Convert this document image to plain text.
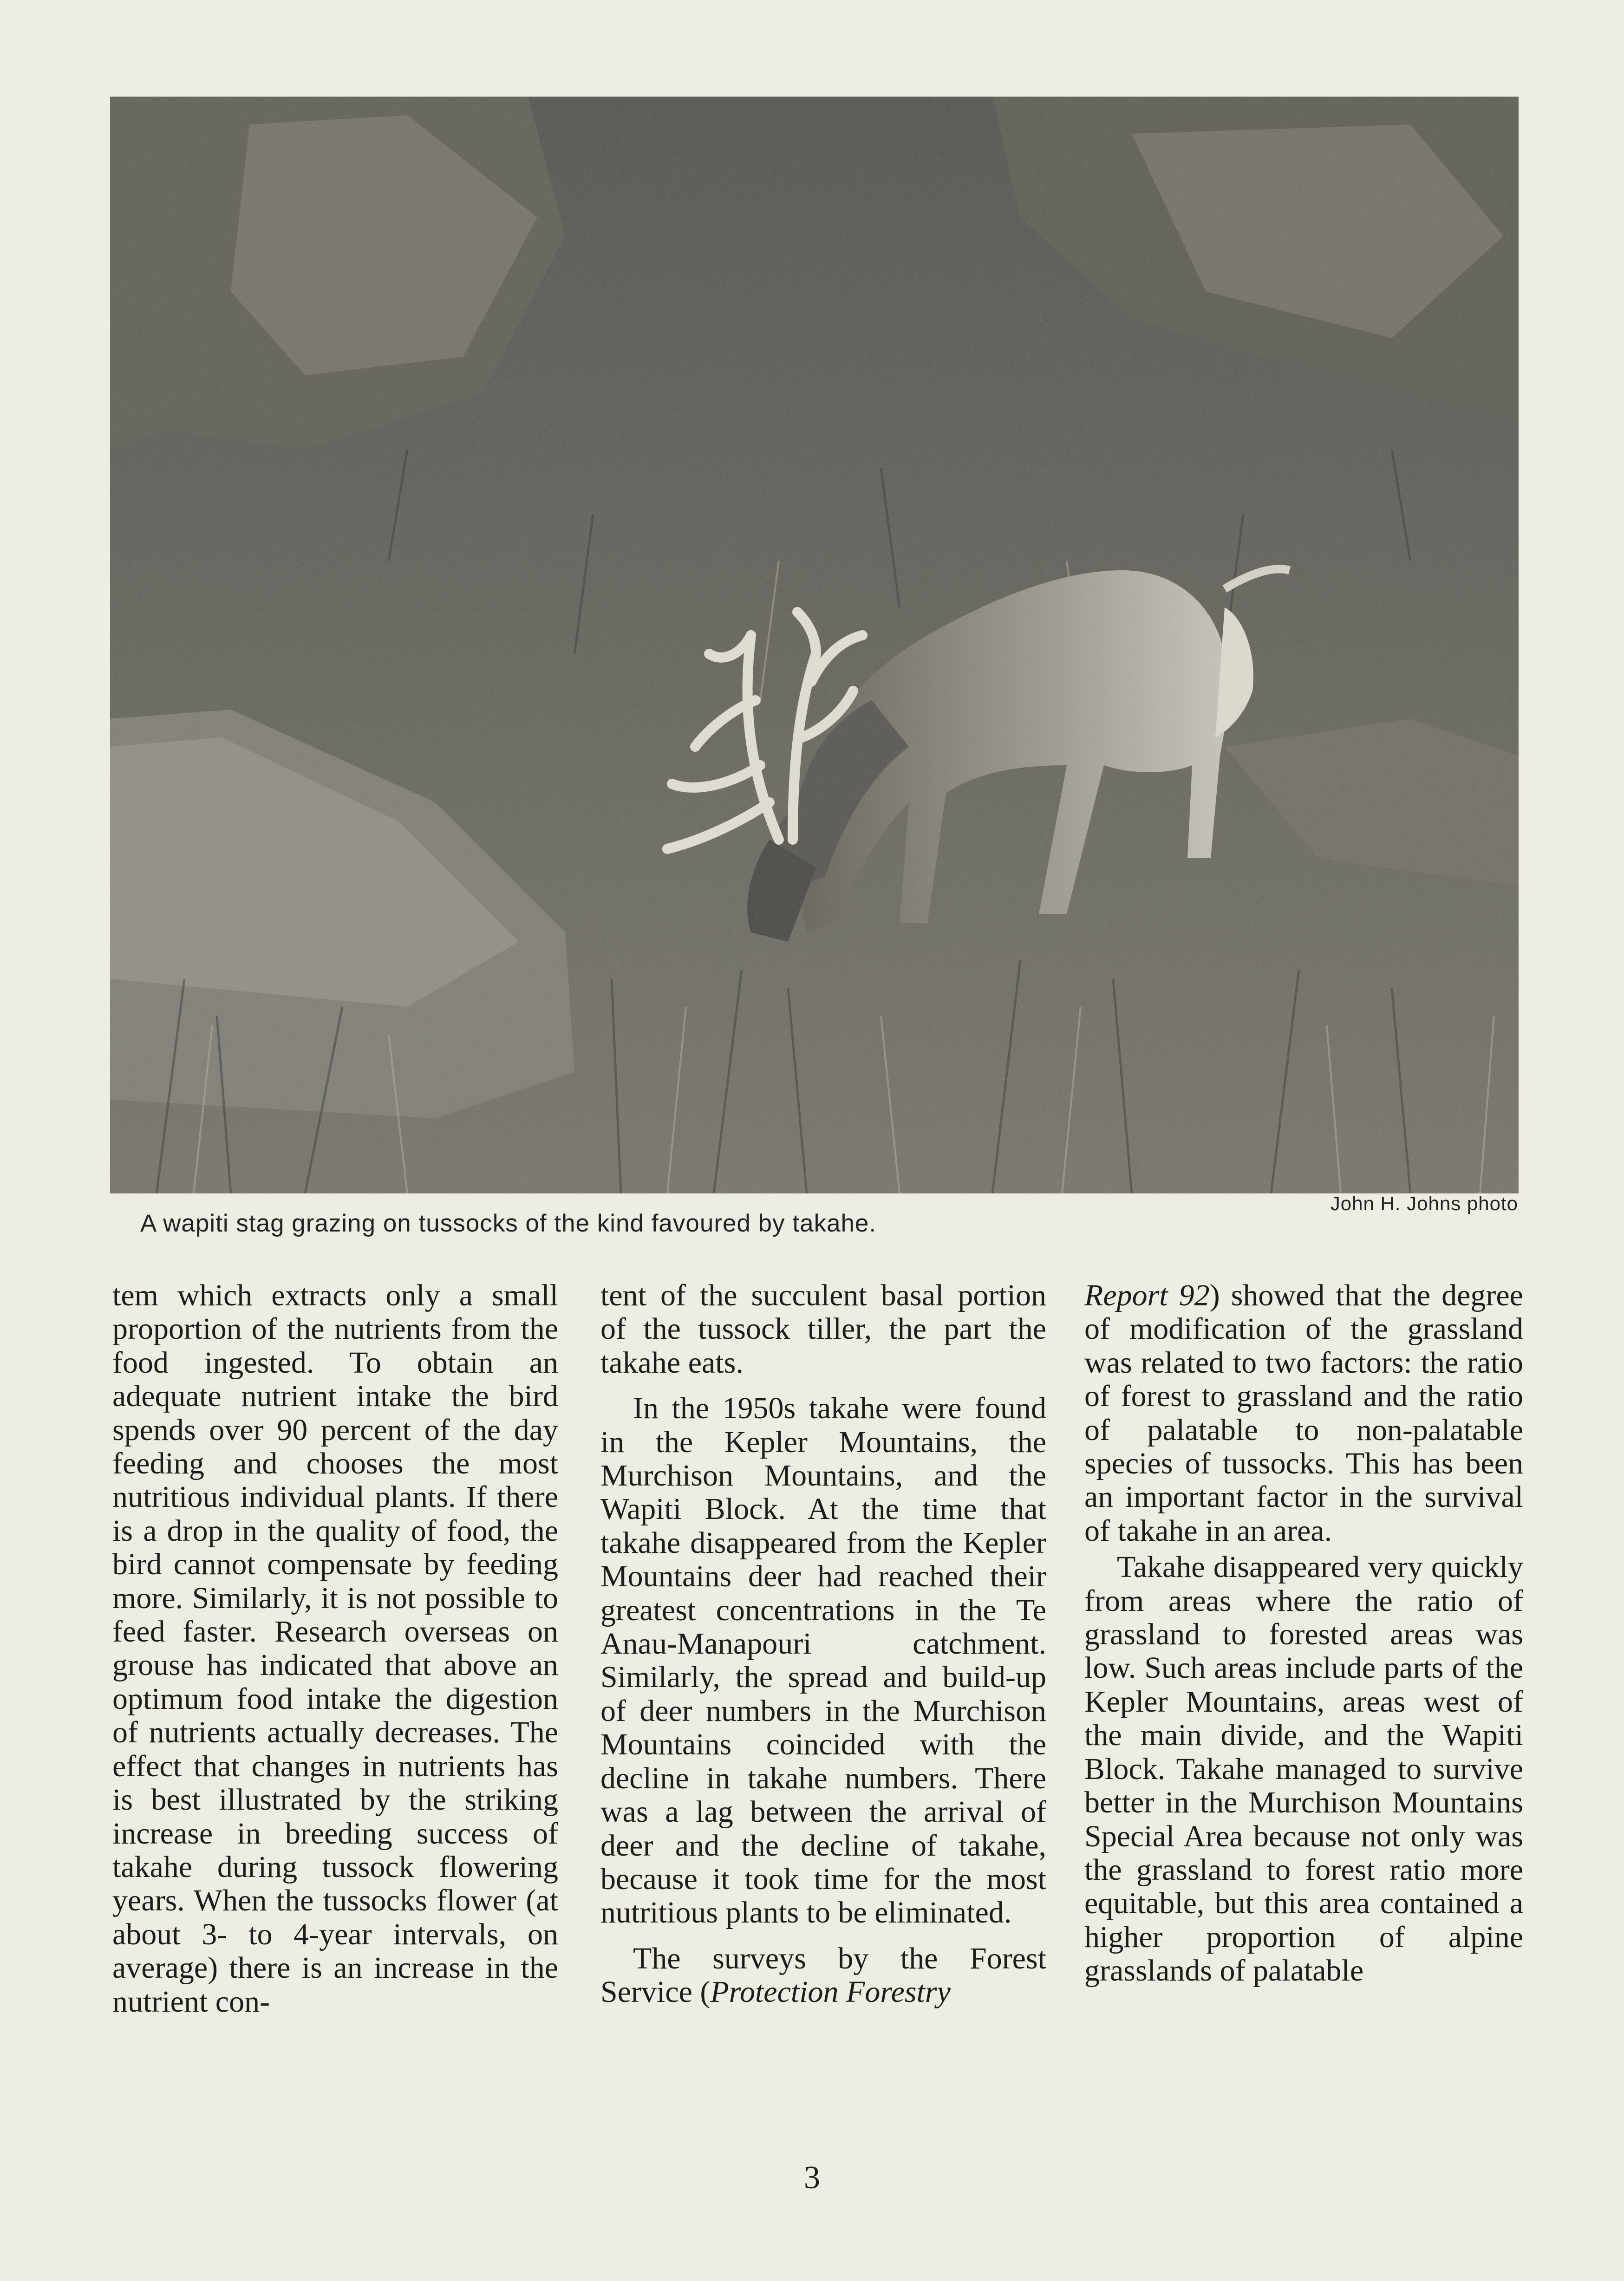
John H. Johns photo
A wapiti stag grazing on tussocks of the kind favoured by takahe.

tem which extracts only a small proportion of the nutrients from the food ingested. To obtain an adequate nutrient intake the bird spends over 90 percent of the day feeding and chooses the most nutritious individual plants. If there is a drop in the quality of food, the bird cannot compensate by feeding more. Similarly, it is not possible to feed faster. Research overseas on grouse has indicated that above an optimum food intake the digestion of nutrients actually decreases. The effect that changes in nutrients has is best illustrated by the striking increase in breeding success of takahe during tussock flowering years. When the tussocks flower (at about 3- to 4-year intervals, on average) there is an increase in the nutrient con-

tent of the succulent basal portion of the tussock tiller, the part the takahe eats.

In the 1950s takahe were found in the Kepler Mountains, the Murchison Mountains, and the Wapiti Block. At the time that takahe disappeared from the Kepler Mountains deer had reached their greatest concentrations in the Te Anau-Manapouri catchment. Similarly, the spread and build-up of deer numbers in the Murchison Mountains coincided with the decline in takahe numbers. There was a lag between the arrival of deer and the decline of takahe, because it took time for the most nutritious plants to be eliminated.

The surveys by the Forest Service (Protection Forestry

Report 92) showed that the degree of modification of the grassland was related to two factors: the ratio of forest to grassland and the ratio of palatable to non-palatable species of tussocks. This has been an important factor in the survival of takahe in an area.

Takahe disappeared very quickly from areas where the ratio of grassland to forested areas was low. Such areas include parts of the Kepler Mountains, areas west of the main divide, and the Wapiti Block. Takahe managed to survive better in the Murchison Mountains Special Area because not only was the grassland to forest ratio more equitable, but this area contained a higher proportion of alpine grasslands of palatable

3
